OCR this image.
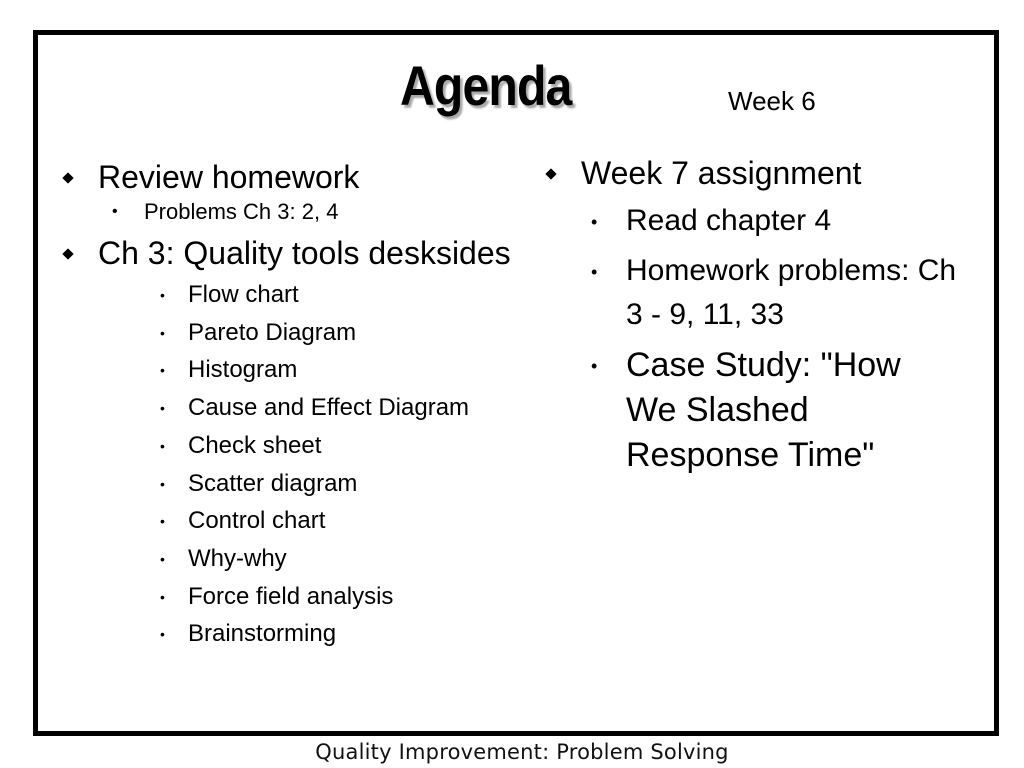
Agenda	Week 6
Review homework
• Problems Ch 3: 2, 4
Ch 3: Quality tools desksides
• Flow chart
• Pareto Diagram
• Histogram
• Cause and Effect Diagram
• Check sheet
• Scatter diagram
• Control chart
• Why-why
• Force field analysis
• Brainstorming
Week 7 assignment
• Read chapter 4
• Homework problems: Ch 3 - 9, 11, 33
• Case Study: "How We Slashed Response Time"
Quality Improvement: Problem Solving
